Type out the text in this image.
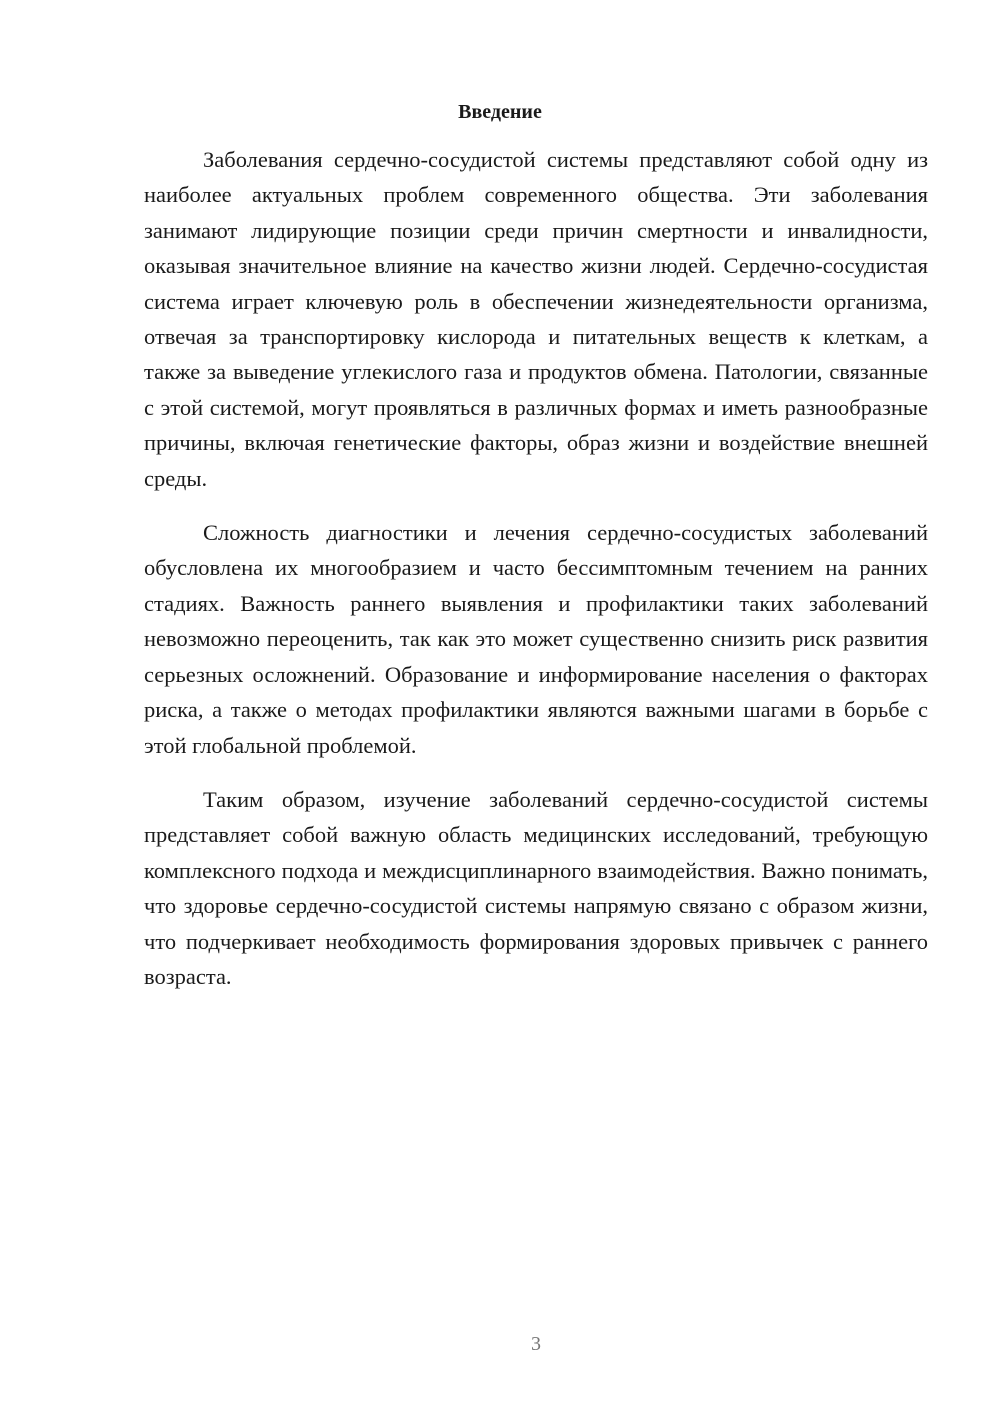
Введение

Заболевания сердечно-сосудистой системы представляют собой одну из наиболее актуальных проблем современного общества. Эти заболевания занимают лидирующие позиции среди причин смертности и инвалидности, оказывая значительное влияние на качество жизни людей. Сердечно-сосудистая система играет ключевую роль в обеспечении жизнедеятельности организма, отвечая за транспортировку кислорода и питательных веществ к клеткам, а также за выведение углекислого газа и продуктов обмена. Патологии, связанные с этой системой, могут проявляться в различных формах и иметь разнообразные причины, включая генетические факторы, образ жизни и воздействие внешней среды.

Сложность диагностики и лечения сердечно-сосудистых заболеваний обусловлена их многообразием и часто бессимптомным течением на ранних стадиях. Важность раннего выявления и профилактики таких заболеваний невозможно переоценить, так как это может существенно снизить риск развития серьезных осложнений. Образование и информирование населения о факторах риска, а также о методах профилактики являются важными шагами в борьбе с этой глобальной проблемой.

Таким образом, изучение заболеваний сердечно-сосудистой системы представляет собой важную область медицинских исследований, требующую комплексного подхода и междисциплинарного взаимодействия. Важно понимать, что здоровье сердечно-сосудистой системы напрямую связано с образом жизни, что подчеркивает необходимость формирования здоровых привычек с раннего возраста.

3
